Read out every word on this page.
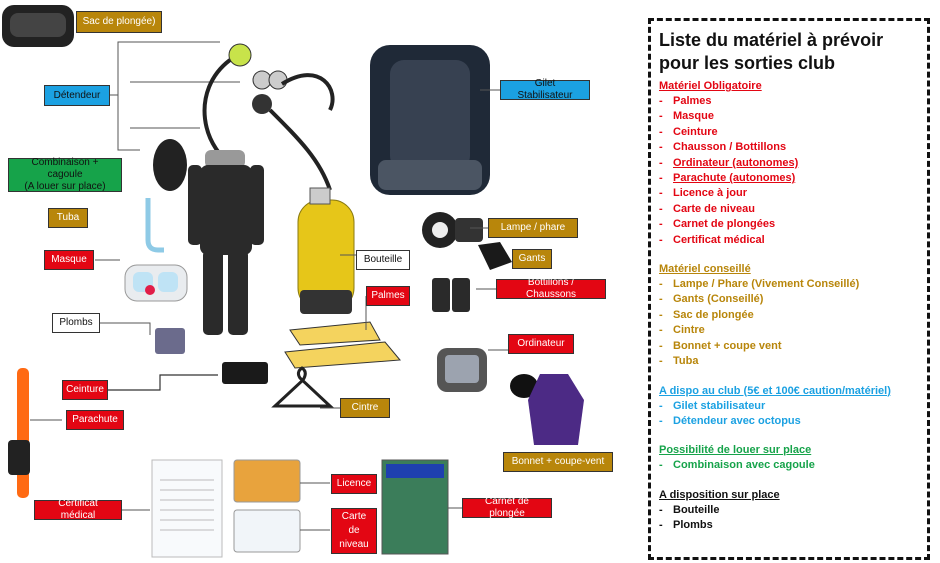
Sac de plongée)
Détendeur
Combinaison + cagoule
(A louer sur place)
Tuba
Masque
Plombs
Ceinture
Parachute
Certificat médical
Licence
Carte
de
niveau
Carnet de plongée
Cintre
Bonnet + coupe-vent
Ordinateur
Palmes
Bouteille
Bottillons / Chaussons
Gants
Lampe / phare
Gilet Stabilisateur
Liste du matériel à prévoir
pour les sorties club
Matériel Obligatoire
- Palmes
- Masque
- Ceinture
- Chausson / Bottillons
- Ordinateur (autonomes)
- Parachute (autonomes)
- Licence à jour
- Carte de niveau
- Carnet de plongées
- Certificat médical
Matériel conseillé
- Lampe / Phare (Vivement Conseillé)
- Gants (Conseillé)
- Sac de plongée
- Cintre
- Bonnet + coupe vent
- Tuba
A dispo au club (5€ et 100€ caution/matériel)
- Gilet stabilisateur
- Détendeur avec octopus
Possibilité de louer sur place
- Combinaison avec cagoule
A disposition sur place
- Bouteille
- Plombs
